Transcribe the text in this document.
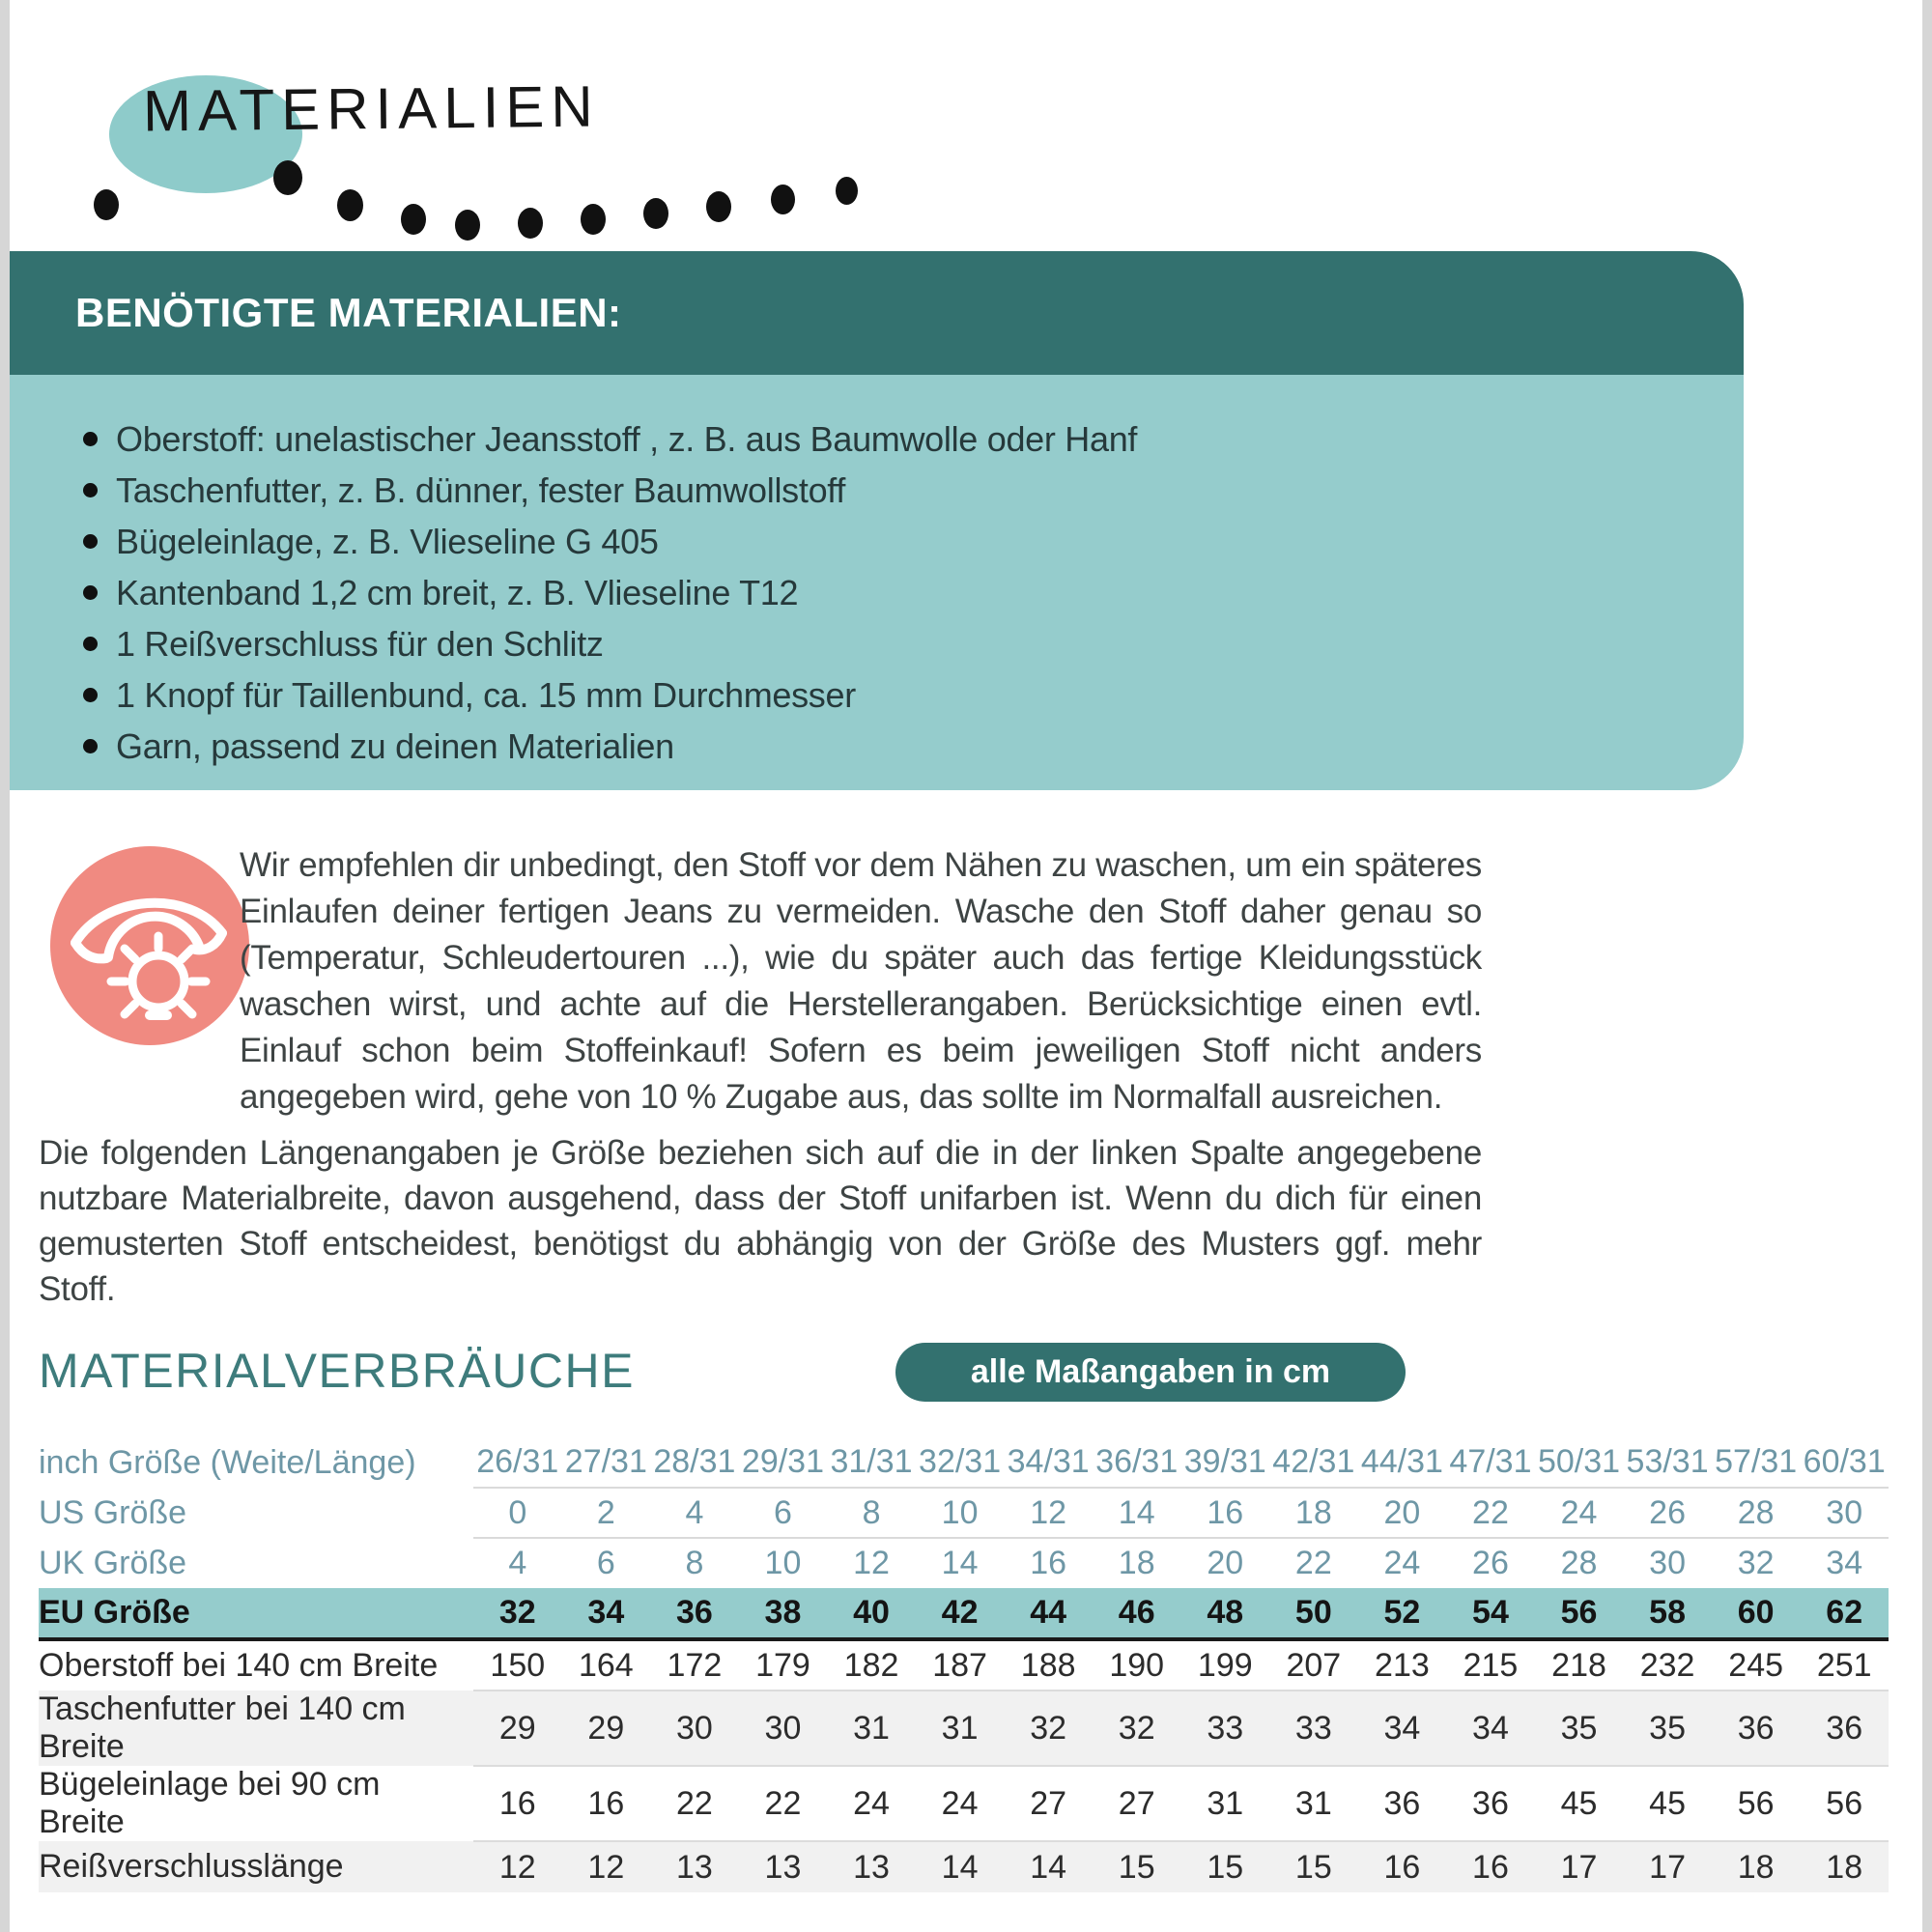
MATERIALIEN
BENÖTIGTE MATERIALIEN:
Oberstoff: unelastischer Jeansstoff , z. B. aus Baumwolle oder Hanf
Taschenfutter, z. B. dünner, fester Baumwollstoff
Bügeleinlage, z. B. Vlieseline G 405
Kantenband 1,2 cm breit, z. B. Vlieseline T12
1 Reißverschluss für den Schlitz
1 Knopf für Taillenbund, ca. 15 mm Durchmesser
Garn, passend zu deinen Materialien

Wir empfehlen dir unbedingt, den Stoff vor dem Nähen zu waschen, um ein späteres Einlaufen deiner fertigen Jeans zu vermeiden. Wasche den Stoff daher genau so (Temperatur, Schleudertouren ...), wie du später auch das fertige Kleidungsstück waschen wirst, und achte auf die Herstellerangaben. Berücksichtige einen evtl. Einlauf schon beim Stoffeinkauf! Sofern es beim jeweiligen Stoff nicht anders angegeben wird, gehe von 10 % Zugabe aus, das sollte im Normalfall ausreichen.

Die folgenden Längenangaben je Größe beziehen sich auf die in der linken Spalte angegebene nutzbare Materialbreite, davon ausgehend, dass der Stoff unifarben ist. Wenn du dich für einen gemusterten Stoff entscheidest, benötigst du abhängig von der Größe des Musters ggf. mehr Stoff.

MATERIALVERBRÄUCHE	alle Maßangaben in cm
inch Größe (Weite/Länge)	26/31	27/31	28/31	29/31	31/31	32/31	34/31	36/31	39/31	42/31	44/31	47/31	50/31	53/31	57/31	60/31
US Größe	0	2	4	6	8	10	12	14	16	18	20	22	24	26	28	30
UK Größe	4	6	8	10	12	14	16	18	20	22	24	26	28	30	32	34
EU Größe	32	34	36	38	40	42	44	46	48	50	52	54	56	58	60	62
Oberstoff bei 140 cm Breite	150	164	172	179	182	187	188	190	199	207	213	215	218	232	245	251
Taschenfutter bei 140 cm Breite	29	29	30	30	31	31	32	32	33	33	34	34	35	35	36	36
Bügeleinlage bei 90 cm Breite	16	16	22	22	24	24	27	27	31	31	36	36	45	45	56	56
Reißverschlusslänge	12	12	13	13	13	14	14	15	15	15	16	16	17	17	18	18
